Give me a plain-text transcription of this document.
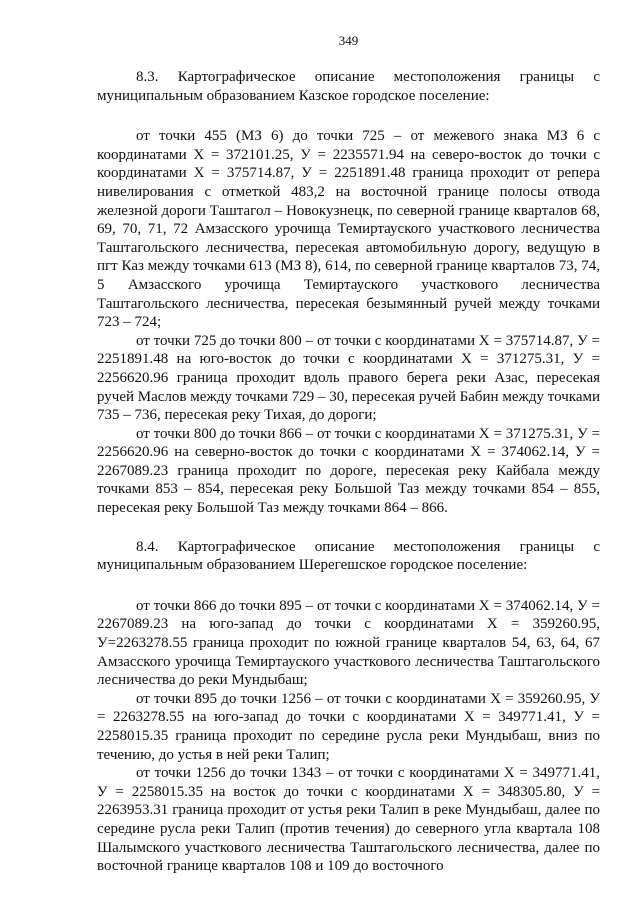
349

8.3. Картографическое описание местоположения границы с муниципальным образованием Казское городское поселение:

от точки 455 (МЗ 6) до точки 725 – от межевого знака МЗ 6 с координатами Х = 372101.25, У = 2235571.94 на северо-восток до точки с координатами Х = 375714.87, У = 2251891.48 граница проходит от репера нивелирования с отметкой 483,2 на восточной границе полосы отвода железной дороги Таштагол – Новокузнецк, по северной границе кварталов 68, 69, 70, 71, 72 Амзасского урочища Темиртауского участкового лесничества Таштагольского лесничества, пересекая автомобильную дорогу, ведущую в пгт Каз между точками 613 (МЗ 8), 614, по северной границе кварталов 73, 74, 5 Амзасского урочища Темиртауского участкового лесничества Таштагольского лесничества, пересекая безымянный ручей между точками 723 – 724;

от точки 725 до точки 800 – от точки с координатами Х = 375714.87, У = 2251891.48 на юго-восток до точки с координатами Х = 371275.31, У = 2256620.96 граница проходит вдоль правого берега реки Азас, пересекая ручей Маслов между точками 729 – 30, пересекая ручей Бабин между точками 735 – 736, пересекая реку Тихая, до дороги;

от точки 800 до точки 866 – от точки с координатами Х = 371275.31, У = 2256620.96 на северно-восток до точки с координатами Х = 374062.14, У = 2267089.23 граница проходит по дороге, пересекая реку Кайбала между точками 853 – 854, пересекая реку Большой Таз между точками 854 – 855, пересекая реку Большой Таз между точками 864 – 866.

8.4. Картографическое описание местоположения границы с муниципальным образованием Шерегешское городское поселение:

от точки 866 до точки 895 – от точки с координатами Х = 374062.14, У = 2267089.23 на юго-запад до точки с координатами Х = 359260.95, У=2263278.55 граница проходит по южной границе кварталов 54, 63, 64, 67 Амзасского урочища Темиртауского участкового лесничества Таштагольского лесничества до реки Мундыбаш;

от точки 895 до точки 1256 – от точки с координатами Х = 359260.95, У = 2263278.55 на юго-запад до точки с координатами Х = 349771.41, У = 2258015.35 граница проходит по середине русла реки Мундыбаш, вниз по течению, до устья в ней реки Талип;

от точки 1256 до точки 1343 – от точки с координатами Х = 349771.41, У = 2258015.35 на восток до точки с координатами Х = 348305.80, У = 2263953.31 граница проходит от устья реки Талип в реке Мундыбаш, далее по середине русла реки Талип (против течения) до северного угла квартала 108 Шалымского участкового лесничества Таштагольского лесничества, далее по восточной границе кварталов 108 и 109 до восточного
